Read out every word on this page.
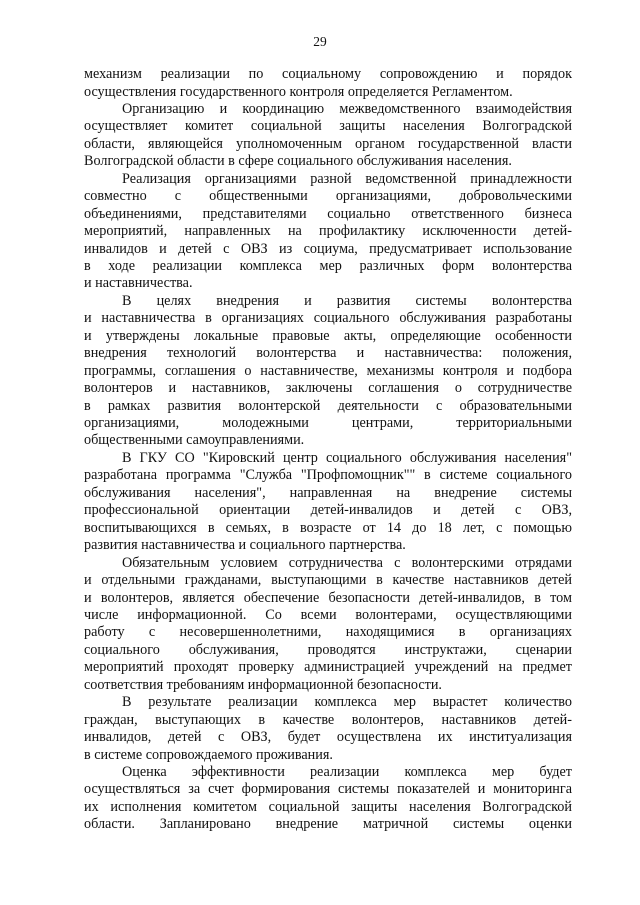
29
механизм реализации по социальному сопровождению и порядок
осуществления государственного контроля определяется Регламентом.
Организацию и координацию межведомственного взаимодействия
осуществляет комитет социальной защиты населения Волгоградской
области, являющейся уполномоченным органом государственной власти
Волгоградской области в сфере социального обслуживания населения.
Реализация организациями разной ведомственной принадлежности
совместно с общественными организациями, добровольческими
объединениями, представителями социально ответственного бизнеса
мероприятий, направленных на профилактику исключенности детей-
инвалидов и детей с ОВЗ из социума, предусматривает использование
в ходе реализации комплекса мер различных форм волонтерства
и наставничества.
В целях внедрения и развития системы волонтерства
и наставничества в организациях социального обслуживания разработаны
и утверждены локальные правовые акты, определяющие особенности
внедрения технологий волонтерства и наставничества: положения,
программы, соглашения о наставничестве, механизмы контроля и подбора
волонтеров и наставников, заключены соглашения о сотрудничестве
в рамках развития волонтерской деятельности с образовательными
организациями, молодежными центрами, территориальными
общественными самоуправлениями.
В ГКУ СО "Кировский центр социального обслуживания населения"
разработана программа "Служба "Профпомощник"" в системе социального
обслуживания населения", направленная на внедрение системы
профессиональной ориентации детей-инвалидов и детей с ОВЗ,
воспитывающихся в семьях, в возрасте от 14 до 18 лет, с помощью
развития наставничества и социального партнерства.
Обязательным условием сотрудничества с волонтерскими отрядами
и отдельными гражданами, выступающими в качестве наставников детей
и волонтеров, является обеспечение безопасности детей-инвалидов, в том
числе информационной. Со всеми волонтерами, осуществляющими
работу с несовершеннолетними, находящимися в организациях
социального обслуживания, проводятся инструктажи, сценарии
мероприятий проходят проверку администрацией учреждений на предмет
соответствия требованиям информационной безопасности.
В результате реализации комплекса мер вырастет количество
граждан, выступающих в качестве волонтеров, наставников детей-
инвалидов, детей с ОВЗ, будет осуществлена их институализация
в системе сопровождаемого проживания.
Оценка эффективности реализации комплекса мер будет
осуществляться за счет формирования системы показателей и мониторинга
их исполнения комитетом социальной защиты населения Волгоградской
области. Запланировано внедрение матричной системы оценки
